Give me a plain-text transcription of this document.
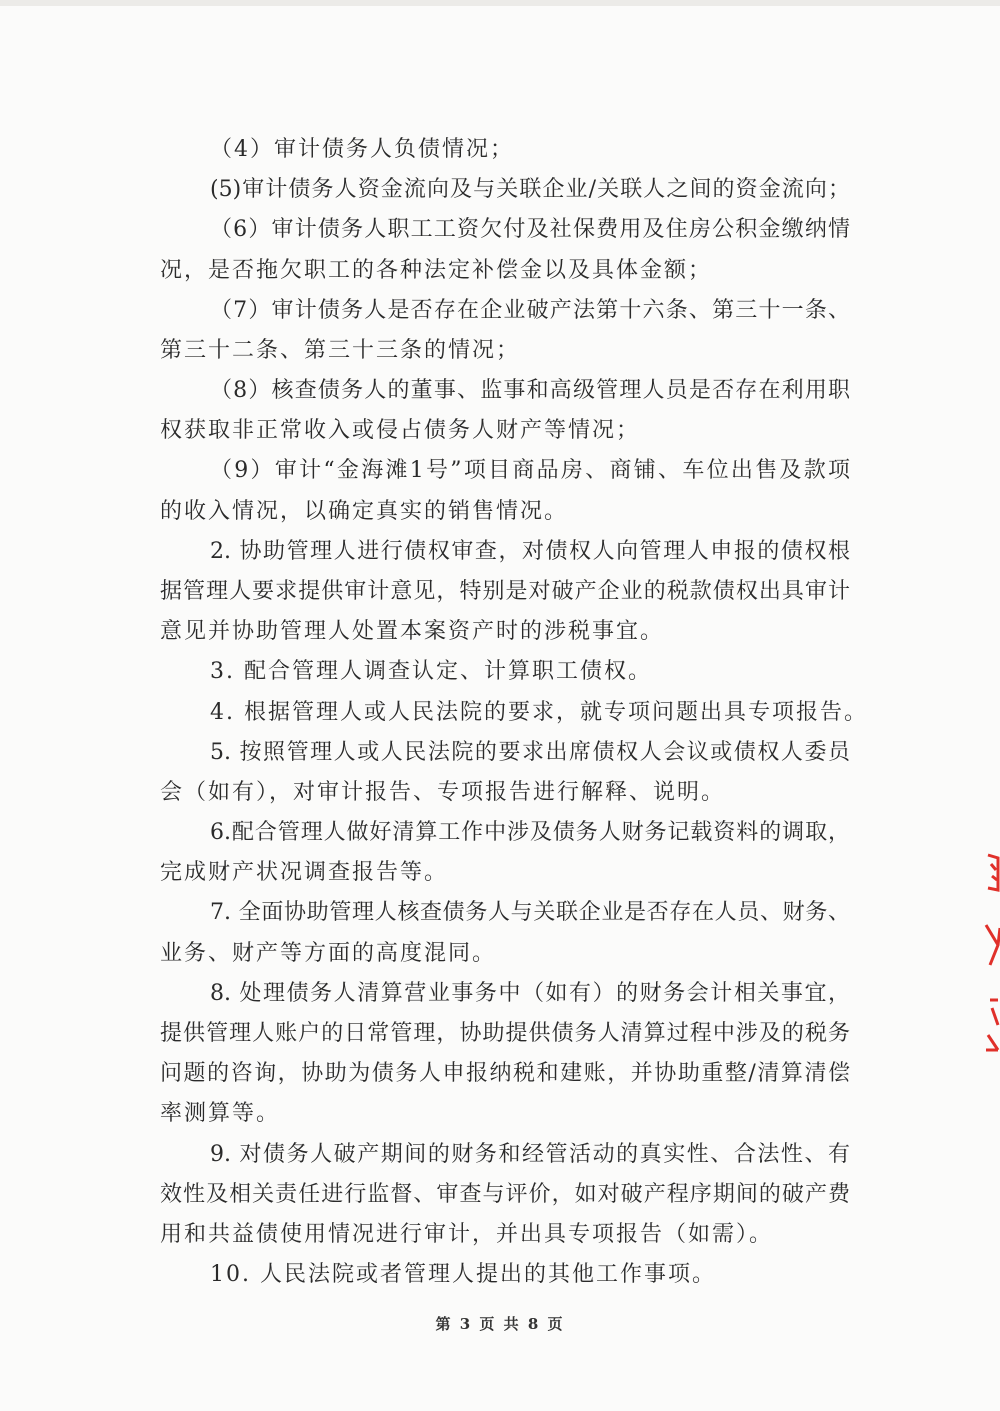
（4）审计债务人负债情况；
(5)审计债务人资金流向及与关联企业/关联人之间的资金流向；
（6）审计债务人职工工资欠付及社保费用及住房公积金缴纳情
况，是否拖欠职工的各种法定补偿金以及具体金额；
（7）审计债务人是否存在企业破产法第十六条、第三十一条、
第三十二条、第三十三条的情况；
（8）核查债务人的董事、监事和高级管理人员是否存在利用职
权获取非正常收入或侵占债务人财产等情况；
（9）审计“金海滩1号”项目商品房、商铺、车位出售及款项
的收入情况，以确定真实的销售情况。
2. 协助管理人进行债权审查，对债权人向管理人申报的债权根
据管理人要求提供审计意见，特别是对破产企业的税款债权出具审计
意见并协助管理人处置本案资产时的涉税事宜。
3. 配合管理人调查认定、计算职工债权。
4. 根据管理人或人民法院的要求，就专项问题出具专项报告。
5. 按照管理人或人民法院的要求出席债权人会议或债权人委员
会（如有），对审计报告、专项报告进行解释、说明。
6.配合管理人做好清算工作中涉及债务人财务记载资料的调取，
完成财产状况调查报告等。
7. 全面协助管理人核查债务人与关联企业是否存在人员、财务、
业务、财产等方面的高度混同。
8. 处理债务人清算营业事务中（如有）的财务会计相关事宜，
提供管理人账户的日常管理，协助提供债务人清算过程中涉及的税务
问题的咨询，协助为债务人申报纳税和建账，并协助重整/清算清偿
率测算等。
9. 对债务人破产期间的财务和经管活动的真实性、合法性、有
效性及相关责任进行监督、审查与评价，如对破产程序期间的破产费
用和共益债使用情况进行审计，并出具专项报告（如需）。
10. 人民法院或者管理人提出的其他工作事项。
第 3 页 共 8 页
